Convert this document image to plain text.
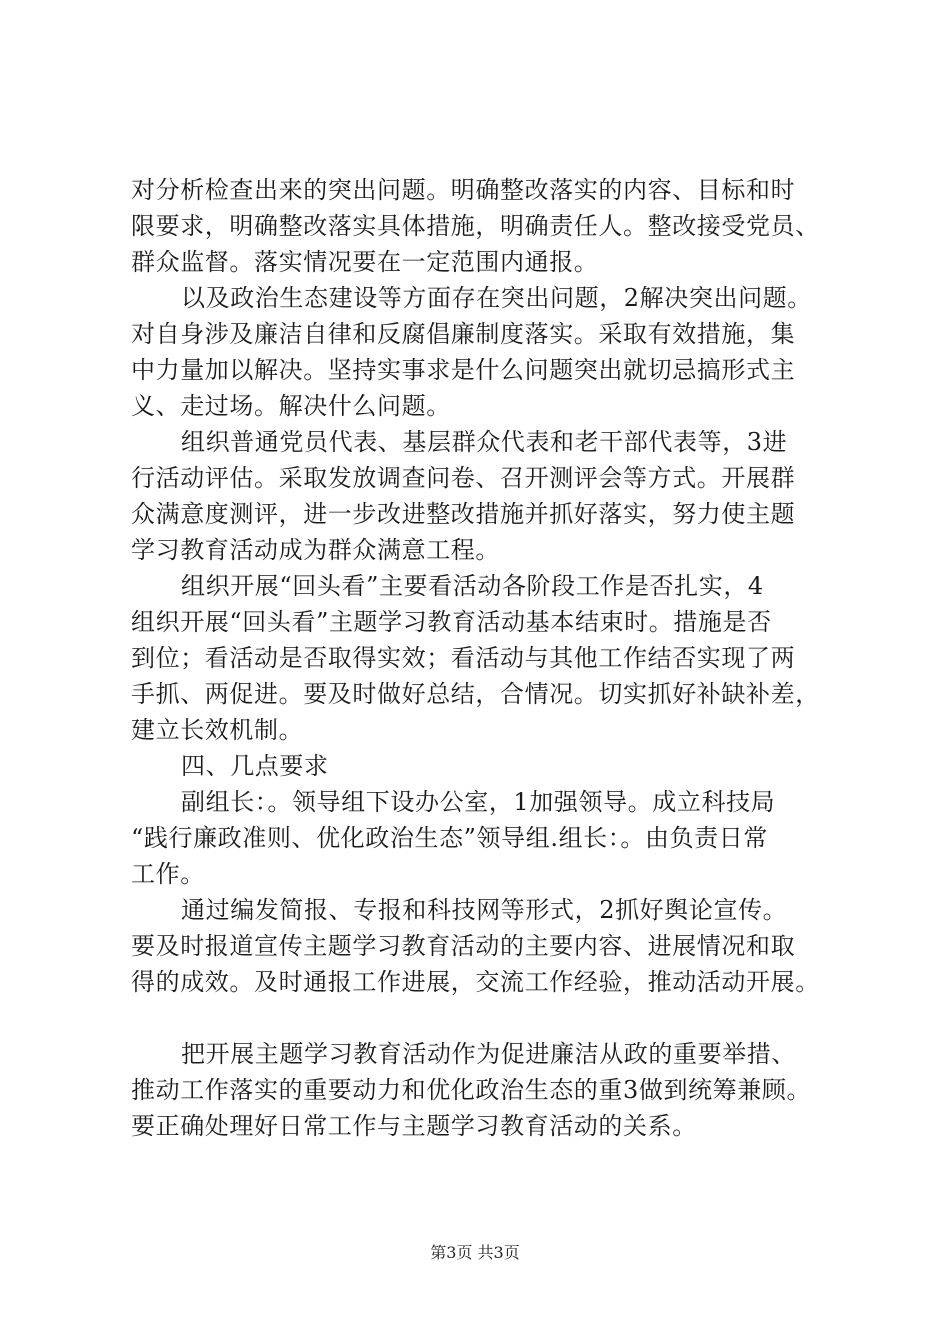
对分析检查出来的突出问题。明确整改落实的内容、目标和时
限要求，明确整改落实具体措施，明确责任人。整改接受党员、
群众监督。落实情况要在一定范围内通报。
以及政治生态建设等方面存在突出问题，2解决突出问题。
对自身涉及廉洁自律和反腐倡廉制度落实。采取有效措施，集
中力量加以解决。坚持实事求是什么问题突出就切忌搞形式主
义、走过场。解决什么问题。
组织普通党员代表、基层群众代表和老干部代表等，3进
行活动评估。采取发放调查问卷、召开测评会等方式。开展群
众满意度测评，进一步改进整改措施并抓好落实，努力使主题
学习教育活动成为群众满意工程。
组织开展“回头看”主要看活动各阶段工作是否扎实，4
组织开展“回头看”主题学习教育活动基本结束时。措施是否
到位；看活动是否取得实效；看活动与其他工作结否实现了两
手抓、两促进。要及时做好总结，合情况。切实抓好补缺补差，
建立长效机制。
四、几点要求
副组长：。领导组下设办公室，1加强领导。成立科技局
“践行廉政准则、优化政治生态”领导组.组长：。由负责日常
工作。
通过编发简报、专报和科技网等形式，2抓好舆论宣传。
要及时报道宣传主题学习教育活动的主要内容、进展情况和取
得的成效。及时通报工作进展，交流工作经验，推动活动开展。
把开展主题学习教育活动作为促进廉洁从政的重要举措、
推动工作落实的重要动力和优化政治生态的重3做到统筹兼顾。
要正确处理好日常工作与主题学习教育活动的关系。
第3页 共3页
